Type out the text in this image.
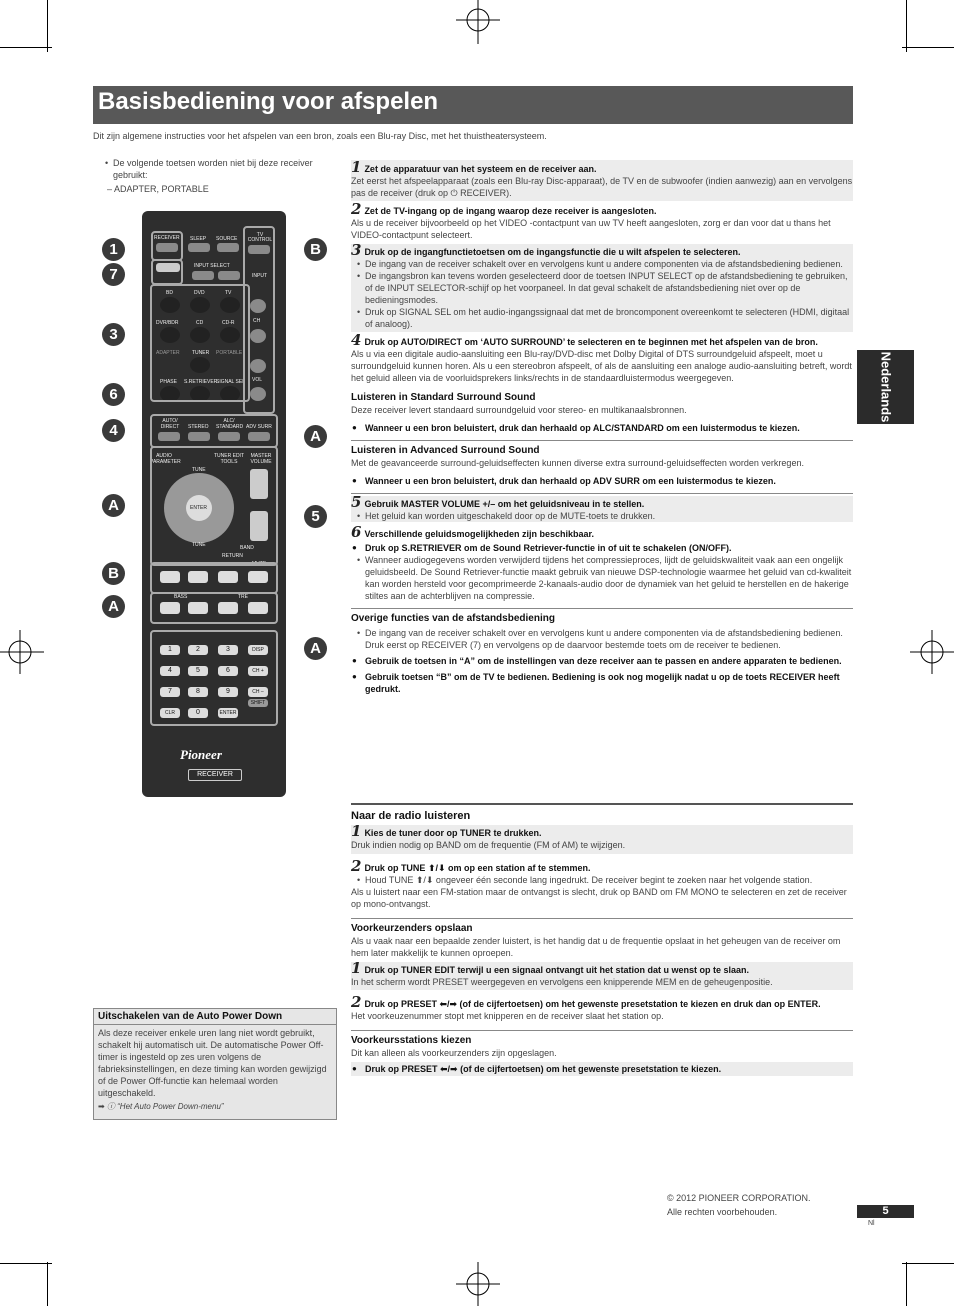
Basisbediening voor afspelen
Dit zijn algemene instructies voor het afspelen van een bron, zoals een Blu-ray Disc, met het thuistheatersysteem.
Nederlands
• De volgende toetsen worden niet bij deze receiver gebruikt:
– ADAPTER, PORTABLE
RECEIVER SLEEP SOURCE
TV CONTROL
INPUT SELECT
INPUT
BD	DVD	TV
DVR/BDR	CD	CD-R
ADAPTER TUNER PORTABLE
PHASE S.RETRIEVER
SIGNAL SEL
CH
VOL
AUTO/ DIRECT	STEREO
ALC/ STANDARD ADV SURR
AUDIO PARAMETER
TUNER EDIT TOOLS
MASTER VOLUME
ENTER
TUNE
TUNE
RETURN
BAND
MUTE
BASS	TRE
1	2	3	DISP
4	5	6	CH +
7	8	9	CH –
CLR	0	ENTER
SHIFT
Pioneer
RECEIVER
1
7
3
6
4
A
B
A
B
A
5
A
1 Zet de apparatuur van het systeem en de receiver aan.
Zet eerst het afspeelapparaat (zoals een Blu-ray Disc-apparaat), de TV en de subwoofer (indien aanwezig) aan en vervolgens pas de receiver (druk op ⏻ RECEIVER).
2 Zet de TV-ingang op de ingang waarop deze receiver is aangesloten.
Als u de receiver bijvoorbeeld op het VIDEO -contactpunt van uw TV heeft aangesloten, zorg er dan voor dat u thans het VIDEO-contactpunt selecteert.
3 Druk op de ingangfunctietoetsen om de ingangsfunctie die u wilt afspelen te selecteren.
• De ingang van de receiver schakelt over en vervolgens kunt u andere componenten via de afstandsbediening bedienen.
• De ingangsbron kan tevens worden geselecteerd door de toetsen INPUT SELECT op de afstandsbediening te gebruiken, of de INPUT SELECTOR-schijf op het voorpaneel. In dat geval schakelt de afstandsbediening niet over op de bedieningsmodes.
• Druk op SIGNAL SEL om het audio-ingangssignaal dat met de broncomponent overeenkomt te selecteren (HDMI, digitaal of analoog).
4 Druk op AUTO/DIRECT om ‘AUTO SURROUND’ te selecteren en te beginnen met het afspelen van de bron.
Als u via een digitale audio-aansluiting een Blu-ray/DVD-disc met Dolby Digital of DTS surroundgeluid afspeelt, moet u surroundgeluid kunnen horen. Als u een stereobron afspeelt, of als de aansluiting een analoge audio-aansluiting betreft, wordt het geluid alleen via de voorluidsprekers links/rechts in de standaardluistermodus weergegeven.
Luisteren in Standard Surround Sound
Deze receiver levert standaard surroundgeluid voor stereo- en multikanaalsbronnen.
● Wanneer u een bron beluistert, druk dan herhaald op ALC/STANDARD om een luistermodus te kiezen.
Luisteren in Advanced Surround Sound
Met de geavanceerde surround-geluidseffecten kunnen diverse extra surround-geluidseffecten worden verkregen.
● Wanneer u een bron beluistert, druk dan herhaald op ADV SURR om een luistermodus te kiezen.
5 Gebruik MASTER VOLUME +/– om het geluidsniveau in te stellen.
• Het geluid kan worden uitgeschakeld door op de MUTE-toets te drukken.
6 Verschillende geluidsmogelijkheden zijn beschikbaar.
● Druk op S.RETRIEVER om de Sound Retriever-functie in of uit te schakelen (ON/OFF).
• Wanneer audiogegevens worden verwijderd tijdens het compressieproces, lijdt de geluidskwaliteit vaak aan een ongelijk geluidsbeeld. De Sound Retriever-functie maakt gebruik van nieuwe DSP-technologie waarmee het geluid van cd-kwaliteit kan worden hersteld voor gecomprimeerde 2-kanaals-audio door de dynamiek van het geluid te herstellen en de hakerige stiltes aan de achterblijven na compressie.
Overige functies van de afstandsbediening
• De ingang van de receiver schakelt over en vervolgens kunt u andere componenten via de afstandsbediening bedienen. Druk eerst op RECEIVER (7) en vervolgens op de daarvoor bestemde toets om de receiver te bedienen.
● Gebruik de toetsen in “A” om de instellingen van deze receiver aan te passen en andere apparaten te bedienen.
● Gebruik toetsen “B” om de TV te bedienen. Bediening is ook nog mogelijk nadat u op de toets RECEIVER heeft gedrukt.
Naar de radio luisteren
1 Kies de tuner door op TUNER te drukken.
Druk indien nodig op BAND om de frequentie (FM of AM) te wijzigen.
2 Druk op TUNE ⬆/⬇ om op een station af te stemmen.
• Houd TUNE ⬆/⬇ ongeveer één seconde lang ingedrukt. De receiver begint te zoeken naar het volgende station.
Als u luistert naar een FM-station maar de ontvangst is slecht, druk op BAND om FM MONO te selecteren en zet de receiver op mono-ontvangst.
Voorkeurzenders opslaan
Als u vaak naar een bepaalde zender luistert, is het handig dat u de frequentie opslaat in het geheugen van de receiver om hem later makkelijk te kunnen oproepen.
1 Druk op TUNER EDIT terwijl u een signaal ontvangt uit het station dat u wenst op te slaan.
In het scherm wordt PRESET weergegeven en vervolgens een knipperende MEM en de geheugenpositie.
2 Druk op PRESET ⬅/➡ (of de cijfertoetsen) om het gewenste presetstation te kiezen en druk dan op ENTER.
Het voorkeuzenummer stopt met knipperen en de receiver slaat het station op.
Voorkeursstations kiezen
Dit kan alleen als voorkeurzenders zijn opgeslagen.
● Druk op PRESET ⬅/➡ (of de cijfertoetsen) om het gewenste presetstation te kiezen.
Uitschakelen van de Auto Power Down
Als deze receiver enkele uren lang niet wordt gebruikt, schakelt hij automatisch uit. De automatische Power Off-timer is ingesteld op zes uren volgens de fabrieksinstellingen, en deze timing kan worden gewijzigd of de Power Off-functie kan helemaal worden uitgeschakeld.
➡ ⓘ “Het Auto Power Down-menu”
© 2012 PIONEER CORPORATION.
Alle rechten voorbehouden.	5
Nl
